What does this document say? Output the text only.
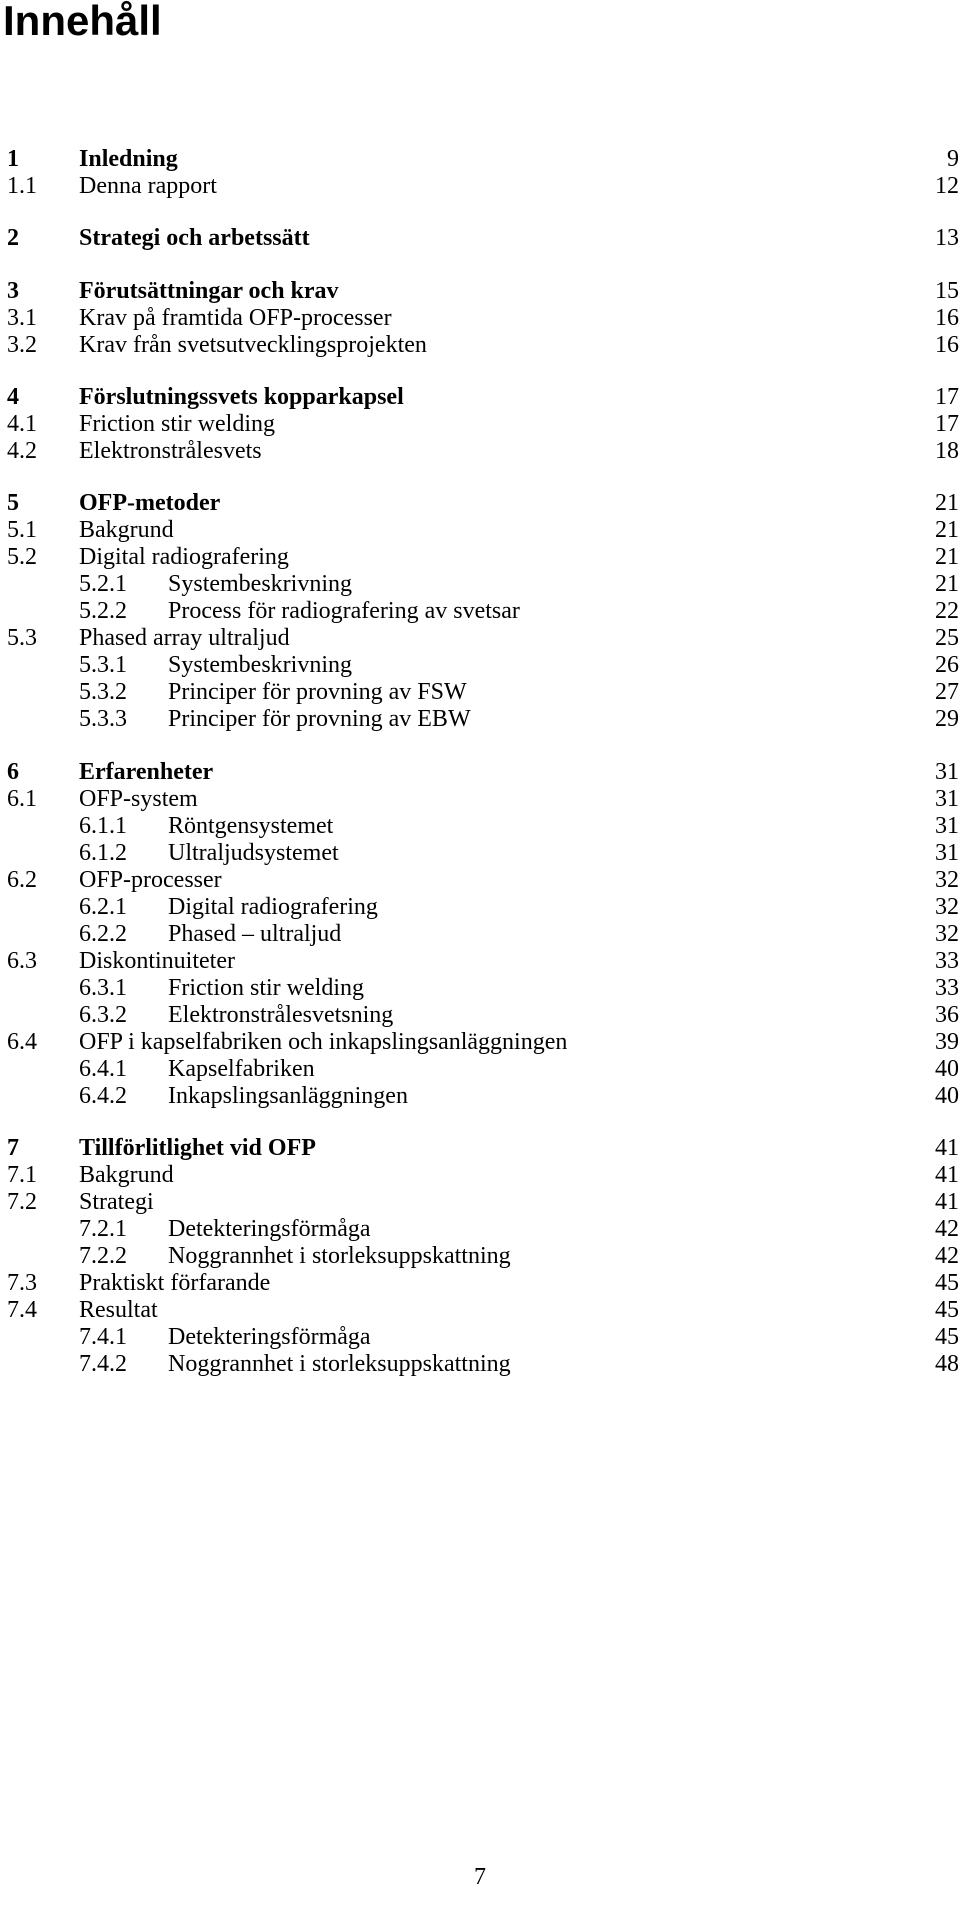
Innehåll
1	Inledning	9
1.1 Denna rapport	12
2	Strategi och arbetssätt	13
3	Förutsättningar och krav	15
3.1 Krav på framtida OFP-processer	16
3.2 Krav från svetsutvecklingsprojekten	16
4	Förslutningssvets kopparkapsel	17
4.1 Friction stir welding	17
4.2 Elektronstrålesvets	18
5	OFP-metoder	21
5.1 Bakgrund	21
5.2 Digital radiografering	21
5.2.1 Systembeskrivning	21
5.2.2 Process för radiografering av svetsar	22
5.3 Phased array ultraljud	25
5.3.1 Systembeskrivning	26
5.3.2 Principer för provning av FSW	27
5.3.3 Principer för provning av EBW	29
6	Erfarenheter	31
6.1 OFP-system	31
6.1.1 Röntgensystemet	31
6.1.2 Ultraljudsystemet	31
6.2 OFP-processer	32
6.2.1 Digital radiografering	32
6.2.2 Phased – ultraljud	32
6.3 Diskontinuiteter	33
6.3.1 Friction stir welding	33
6.3.2 Elektronstrålesvetsning	36
6.4 OFP i kapselfabriken och inkapslingsanläggningen	39
6.4.1 Kapselfabriken	40
6.4.2 Inkapslingsanläggningen	40
7	Tillförlitlighet vid OFP	41
7.1 Bakgrund	41
7.2 Strategi	41
7.2.1 Detekteringsförmåga	42
7.2.2 Noggrannhet i storleksuppskattning	42
7.3 Praktiskt förfarande	45
7.4 Resultat	45
7.4.1 Detekteringsförmåga	45
7.4.2 Noggrannhet i storleksuppskattning	48
7
